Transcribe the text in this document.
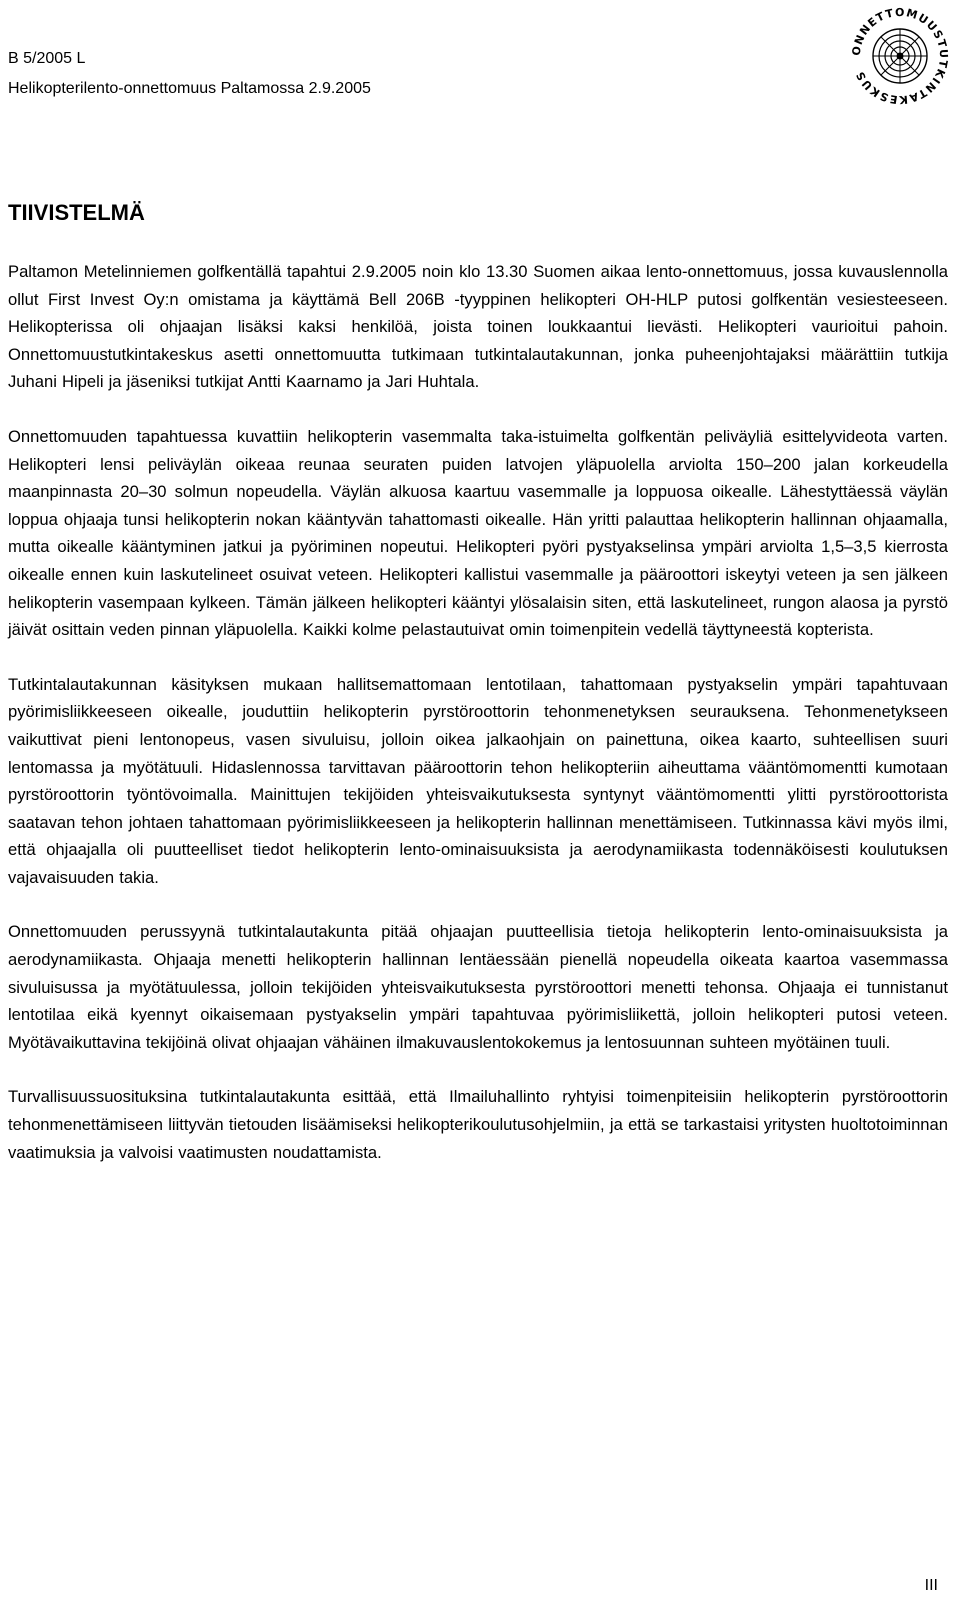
B 5/2005 L
Helikopterilento-onnettomuus Paltamossa 2.9.2005
ONNETTOMUUSTUTKINTAKESKUS
TIIVISTELMÄ

Paltamon Metelinniemen golfkentällä tapahtui 2.9.2005 noin klo 13.30 Suomen aikaa lento-onnettomuus, jossa kuvauslennolla ollut First Invest Oy:n omistama ja käyttämä Bell 206B -tyyppinen helikopteri OH-HLP putosi golfkentän vesiesteeseen. Helikopterissa oli ohjaajan lisäksi kaksi henkilöä, joista toinen loukkaantui lievästi. Helikopteri vaurioitui pahoin. Onnettomuustutkintakeskus asetti onnettomuutta tutkimaan tutkintalautakunnan, jonka puheenjohtajaksi määrättiin tutkija Juhani Hipeli ja jäseniksi tutkijat Antti Kaarnamo ja Jari Huhtala.

Onnettomuuden tapahtuessa kuvattiin helikopterin vasemmalta taka-istuimelta golfkentän peliväyliä esittelyvideota varten. Helikopteri lensi peliväylän oikeaa reunaa seuraten puiden latvojen yläpuolella arviolta 150–200 jalan korkeudella maanpinnasta 20–30 solmun nopeudella. Väylän alkuosa kaartuu vasemmalle ja loppuosa oikealle. Lähestyttäessä väylän loppua ohjaaja tunsi helikopterin nokan kääntyvän tahattomasti oikealle. Hän yritti palauttaa helikopterin hallinnan ohjaamalla, mutta oikealle kääntyminen jatkui ja pyöriminen nopeutui. Helikopteri pyöri pystyakselinsa ympäri arviolta 1,5–3,5 kierrosta oikealle ennen kuin laskutelineet osuivat veteen. Helikopteri kallistui vasemmalle ja pääroottori iskeytyi veteen ja sen jälkeen helikopterin vasempaan kylkeen. Tämän jälkeen helikopteri kääntyi ylösalaisin siten, että laskutelineet, rungon alaosa ja pyrstö jäivät osittain veden pinnan yläpuolella. Kaikki kolme pelastautuivat omin toimenpitein vedellä täyttyneestä kopterista.

Tutkintalautakunnan käsityksen mukaan hallitsemattomaan lentotilaan, tahattomaan pystyakselin ympäri tapahtuvaan pyörimisliikkeeseen oikealle, jouduttiin helikopterin pyrstöroottorin tehonmenetyksen seurauksena. Tehonmenetykseen vaikuttivat pieni lentonopeus, vasen sivuluisu, jolloin oikea jalkaohjain on painettuna, oikea kaarto, suhteellisen suuri lentomassa ja myötätuuli. Hidaslennossa tarvittavan pääroottorin tehon helikopteriin aiheuttama vääntömomentti kumotaan pyrstöroottorin työntövoimalla. Mainittujen tekijöiden yhteisvaikutuksesta syntynyt vääntömomentti ylitti pyrstöroottorista saatavan tehon johtaen tahattomaan pyörimisliikkeeseen ja helikopterin hallinnan menettämiseen. Tutkinnassa kävi myös ilmi, että ohjaajalla oli puutteelliset tiedot helikopterin lento-ominaisuuksista ja aerodynamiikasta todennäköisesti koulutuksen vajavaisuuden takia.

Onnettomuuden perussyynä tutkintalautakunta pitää ohjaajan puutteellisia tietoja helikopterin lento-ominaisuuksista ja aerodynamiikasta. Ohjaaja menetti helikopterin hallinnan lentäessään pienellä nopeudella oikeata kaartoa vasemmassa sivuluisussa ja myötätuulessa, jolloin tekijöiden yhteisvaikutuksesta pyrstöroottori menetti tehonsa. Ohjaaja ei tunnistanut lentotilaa eikä kyennyt oikaisemaan pystyakselin ympäri tapahtuvaa pyörimisliikettä, jolloin helikopteri putosi veteen. Myötävaikuttavina tekijöinä olivat ohjaajan vähäinen ilmakuvauslentokokemus ja lentosuunnan suhteen myötäinen tuuli.

Turvallisuussuosituksina tutkintalautakunta esittää, että Ilmailuhallinto ryhtyisi toimenpiteisiin helikopterin pyrstöroottorin tehonmenettämiseen liittyvän tietouden lisäämiseksi helikopterikoulutusohjelmiin, ja että se tarkastaisi yritysten huoltotoiminnan vaatimuksia ja valvoisi vaatimusten noudattamista.

III
